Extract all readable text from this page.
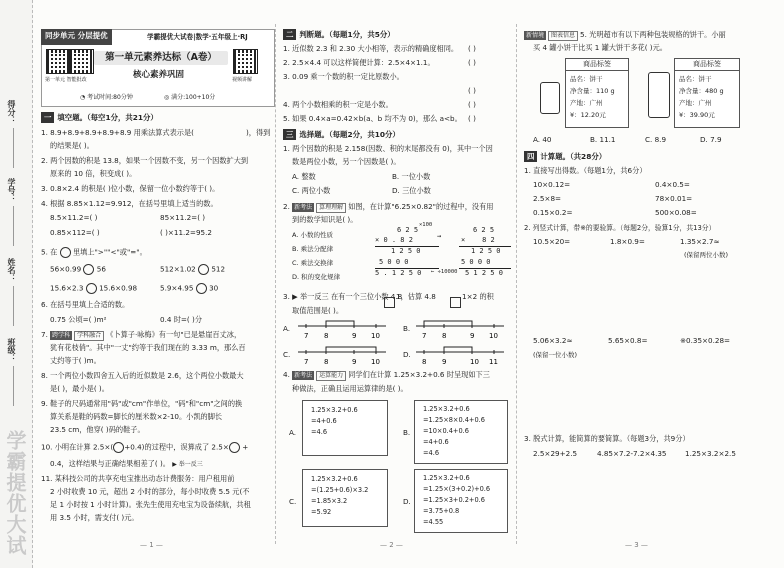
得分：
学号：
姓名：
班级：
学霸提优大试
同步单元 分层提优	学霸提优大试卷|数学·五年级上·RJ
第一单元 智能批改	视频讲解
第一单元素养达标（A卷）
核心素养巩固
◔ 考试时间:80分钟	◎ 满分:100+10分
一 填空题。（每空1分，共21分）
1. 8.9+8.9+8.9+8.9+8.9 用乘法算式表示是(	)，得到
的结果是( )。
2. 两个因数的积是 13.8，如果一个因数不变，另一个因数扩大到
原来的 10 倍，积变成( )。
3. 0.8×2.4 的积是( )位小数，保留一位小数约等于( )。
4. 根据 8.85×1.12=9.912，在括号里填上适当的数。
8.5×11.2=( )	85×11.2=( )
0.85×112=( )	( )×11.2=95.2
5. 在 里填上">""<"或"="。
56×0.99 56	512×1.02 512
15.6×2.3 15.6×0.98	5.9×4.95 30
6. 在括号里填上合适的数。
0.75 公顷=( )m²	0.4 时=( )分
7. 跨学科 学科融合 《卜算子·咏梅》有一句"已是悬崖百丈冰，
犹有花枝俏"。其中"一丈"约等于我们现在的 3.33 m，那么百
丈约等于( )m。
8. 一个两位小数四舍五入后的近似数是 2.6，这个两位小数最大
是( )，最小是( )。
9. 鞋子的尺码通常用"码"或"cm"作单位，"码"和"cm"之间的换
算关系是鞋的码数=脚长的厘米数×2-10。小凯的脚长
23.5 cm，他穿( )码的鞋子。
10. 小明在计算 2.5×( +0.4)的过程中，误算成了 2.5× +
0.4，这样结果与正确结果相差了( )。 ▶ 举一反三
11. 某科技公司的共享充电宝推出动态计费服务：用户租用前
2 小时收费 10 元，超出 2 小时的部分，每小时收费 5.5 元(不
足 1 小时按 1 小时计算)。张先生使用充电宝为设备续航，共租
用 3.5 小时，需支付( )元。
— 1 —
二 判断题。（每题1分，共5分）
1. 近似数 2.3 和 2.30 大小相等，表示的精确度相同。 ( )
2. 2.5×4.4 可以这样简便计算：2.5×4×1.1。	( )
3. 0.09 乘一个数的积一定比原数小。
( )
4. 两个小数相乘的积一定是小数。	( )
5. 如果 0.4×a=0.42×b(a、b 均不为 0)，那么 a<b。 ( )
三 选择题。（每题2分，共10分）
1. 两个因数的积是 2.158(因数、积的末尾都没有 0)，其中一个因
数是两位小数，另一个因数是( )。
A. 整数	B. 一位小数
C. 两位小数	D. 三位小数
2. 新考法 算理理解 如图，在计算"6.25×0.82"的过程中，没有用
到的数学知识是( )。
A. 小数的性质
B. 乘法分配律
C. 乘法交换律
D. 积的变化规律
6 2 5	6 2 5
×100
× 0 . 8 2	×    8 2
→
1 2 5 0	1 2 5 0
5 0 0 0	5 0 0 0
5 . 1 2 5 0 ← ÷10000 5 1 2 5 0
3. ▶ 举一反三 在有一个三位小数 4.8
1，估算 4.8	1×2 的积
取值范围是( )。
A.
7 8	9 10
B.
7 8	9 10
C.
7 8	9 10
D.
8 9	10 11
4. 新考法 运算能力 同学们在计算 1.25×3.2+0.6 时呈现如下三
种做法，正确且运用运算律的是( )。
A.
1.25×3.2+0.6
=4+0.6
=4.6	B.
1.25×3.2+0.6
=1.25×8×0.4+0.6
=10×0.4+0.6
=4+0.6
=4.6
C.
1.25×3.2+0.6
=(1.25+0.6)×3.2
=1.85×3.2
=5.92
D.
1.25×3.2+0.6
=1.25×(3+0.2)+0.6
=1.25×3+0.2+0.6
=3.75+0.8
=4.55
— 2 —
新情境 图表信息 5. 光明超市有以下两种包装规格的饼干。小丽
买 4 罐小饼干比买 1 罐大饼干多花( )元。
商品标签
品名：饼干
净含量：110 g
产地：广州
¥：12.20元
商品标签
品名：饼干
净含量：480 g
产地：广州
¥：39.90元
A. 40	B. 11.1	C. 8.9	D. 7.9
四 计算题。（共28分）
1. 直接写出得数。（每题1分，共6分）
10×0.12=	0.4×0.5=
2.5×8=	78×0.01=
0.15×0.2=	500×0.08=
2. 列竖式计算，带※的要验算。（每题2分，验算1分，共13分）
10.5×20=	1.8×0.9=	1.35×2.7≈
(保留两位小数)
5.06×3.2≈	5.65×0.8=	※0.35×0.28=
(保留一位小数)
3. 脱式计算，能简算的要简算。（每题3分，共9分）
2.5×29+2.5	4.85×7.2-7.2×4.35	1.25×3.2×2.5
— 3 —
